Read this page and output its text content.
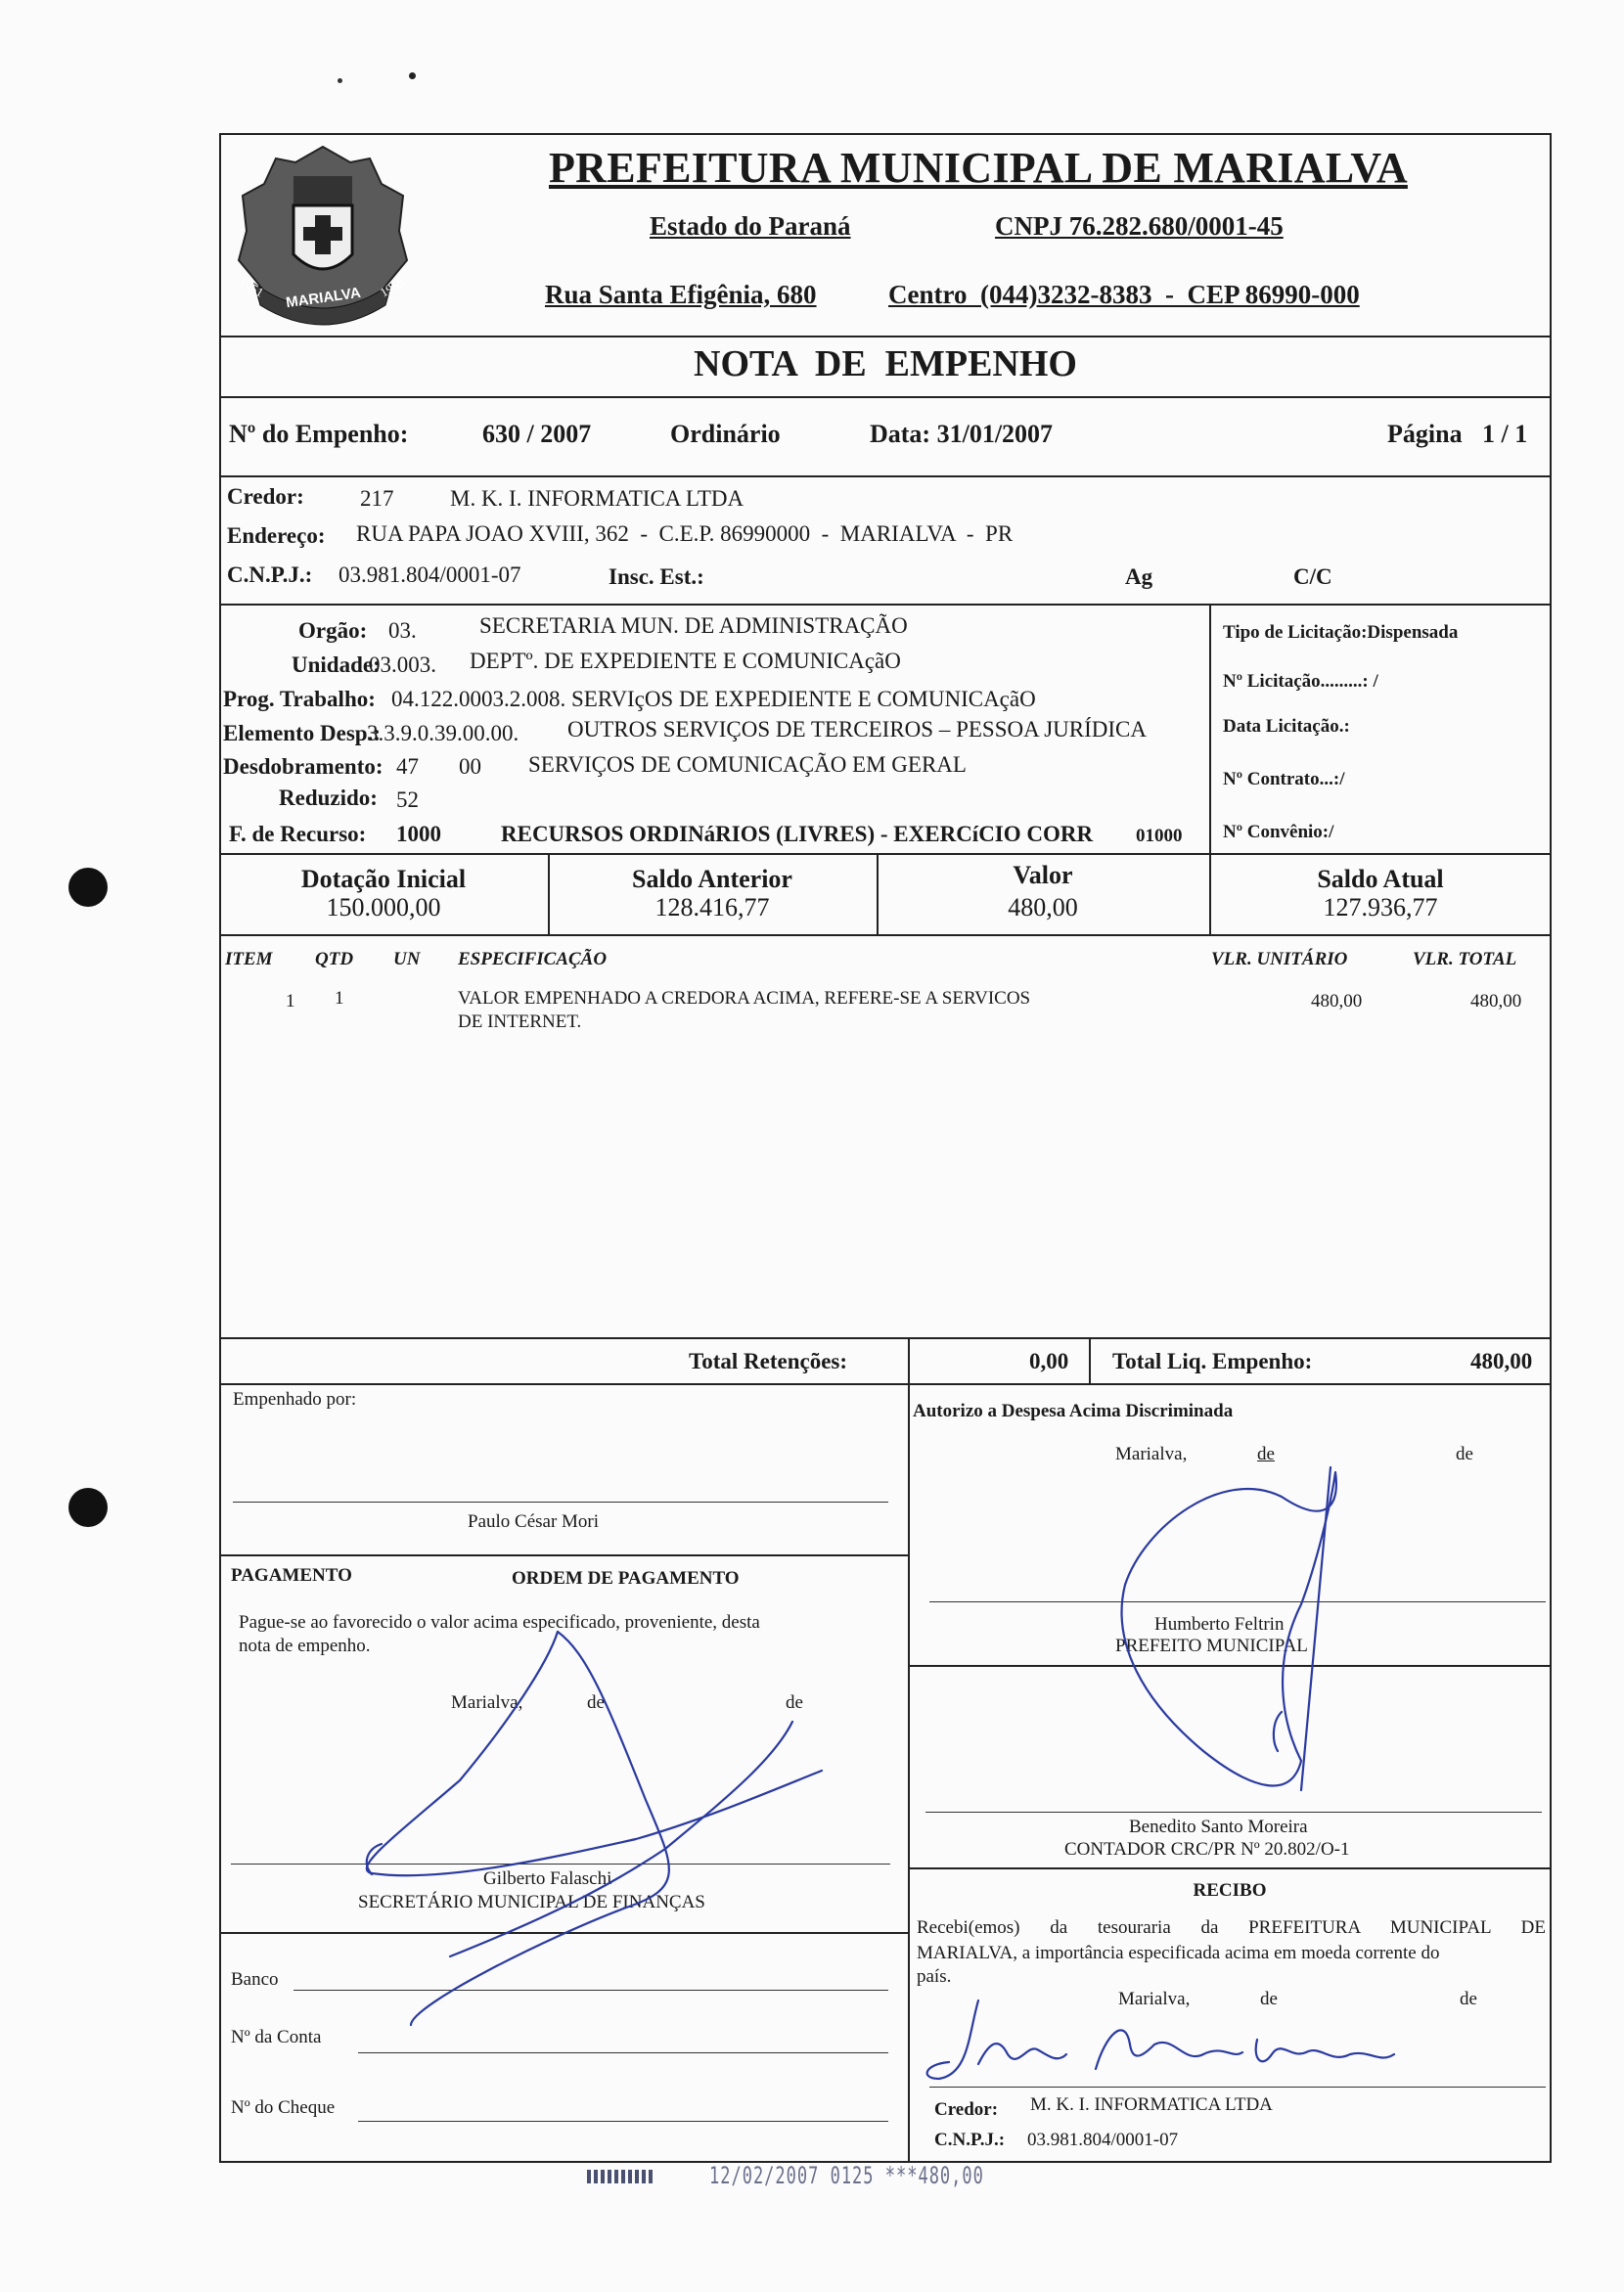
MARIALVA
1951	1955
PREFEITURA MUNICIPAL DE MARIALVA
Estado do Paraná	CNPJ 76.282.680/0001-45
Rua Santa Efigênia, 680	Centro  (044)3232-8383  -  CEP 86990-000
NOTA  DE  EMPENHO
Nº do Empenho:	630 / 2007	Ordinário	Data: 31/01/2007	Página 1 / 1
Credor: 217	M. K. I. INFORMATICA LTDA
Endereço: RUA PAPA JOAO XVIII, 362  -  C.E.P. 86990000  -  MARIALVA  -  PR
C.N.P.J.: 03.981.804/0001-07	Insc. Est.:	Ag	C/C
Orgão: 03.	SECRETARIA MUN. DE ADMINISTRAÇÃO
Unidade:
03.003. DEPTº. DE EXPEDIENTE E COMUNICAçãO
Prog. Trabalho: 04.122.0003.2.008. SERVIçOS DE EXPEDIENTE E COMUNICAçãO
Elemento Desp.:
3.3.9.0.39.00.00. OUTROS SERVIÇOS DE TERCEIROS – PESSOA JURÍDICA
Desdobramento: 47 00 SERVIÇOS DE COMUNICAÇÃO EM GERAL
Reduzido: 52
F. de Recurso: 1000	RECURSOS ORDINáRIOS (LIVRES) - EXERCíCIO CORR 01000
Tipo de Licitação:Dispensada
Nº Licitação.........: /
Data Licitação.:
Nº Contrato...:/
Nº Convênio:/
Dotação Inicial
150.000,00
Saldo Anterior
128.416,77
Valor
480,00
Saldo Atual
127.936,77
ITEM QTD UN ESPECIFICAÇÃO	VLR. UNITÁRIO	VLR. TOTAL
1 1	VALOR EMPENHADO A CREDORA ACIMA, REFERE-SE A SERVICOS
DE INTERNET.
480,00	480,00
Total Retenções:	0,00 Total Liq. Empenho:	480,00
Empenhado por:
Paulo César Mori
PAGAMENTO	ORDEM DE PAGAMENTO
Pague-se ao favorecido o valor acima especificado, proveniente, desta
nota de empenho.
Marialva,	de	de
Gilberto Falaschi
SECRETÁRIO MUNICIPAL DE FINANÇAS
Banco
Nº da Conta
Nº do Cheque
Autorizo a Despesa Acima Discriminada
Marialva,	de	de
Humberto Feltrin
PREFEITO MUNICIPAL
Benedito Santo Moreira
CONTADOR CRC/PR Nº 20.802/O-1
RECIBO
Recebi(emos) da tesouraria da PREFEITURA MUNICIPAL DE
MARIALVA, a importância especificada acima em moeda corrente do
país.
Marialva,	de	de
Credor: M. K. I. INFORMATICA LTDA
C.N.P.J.: 03.981.804/0001-07
12/02/2007 0125 ***480,00
